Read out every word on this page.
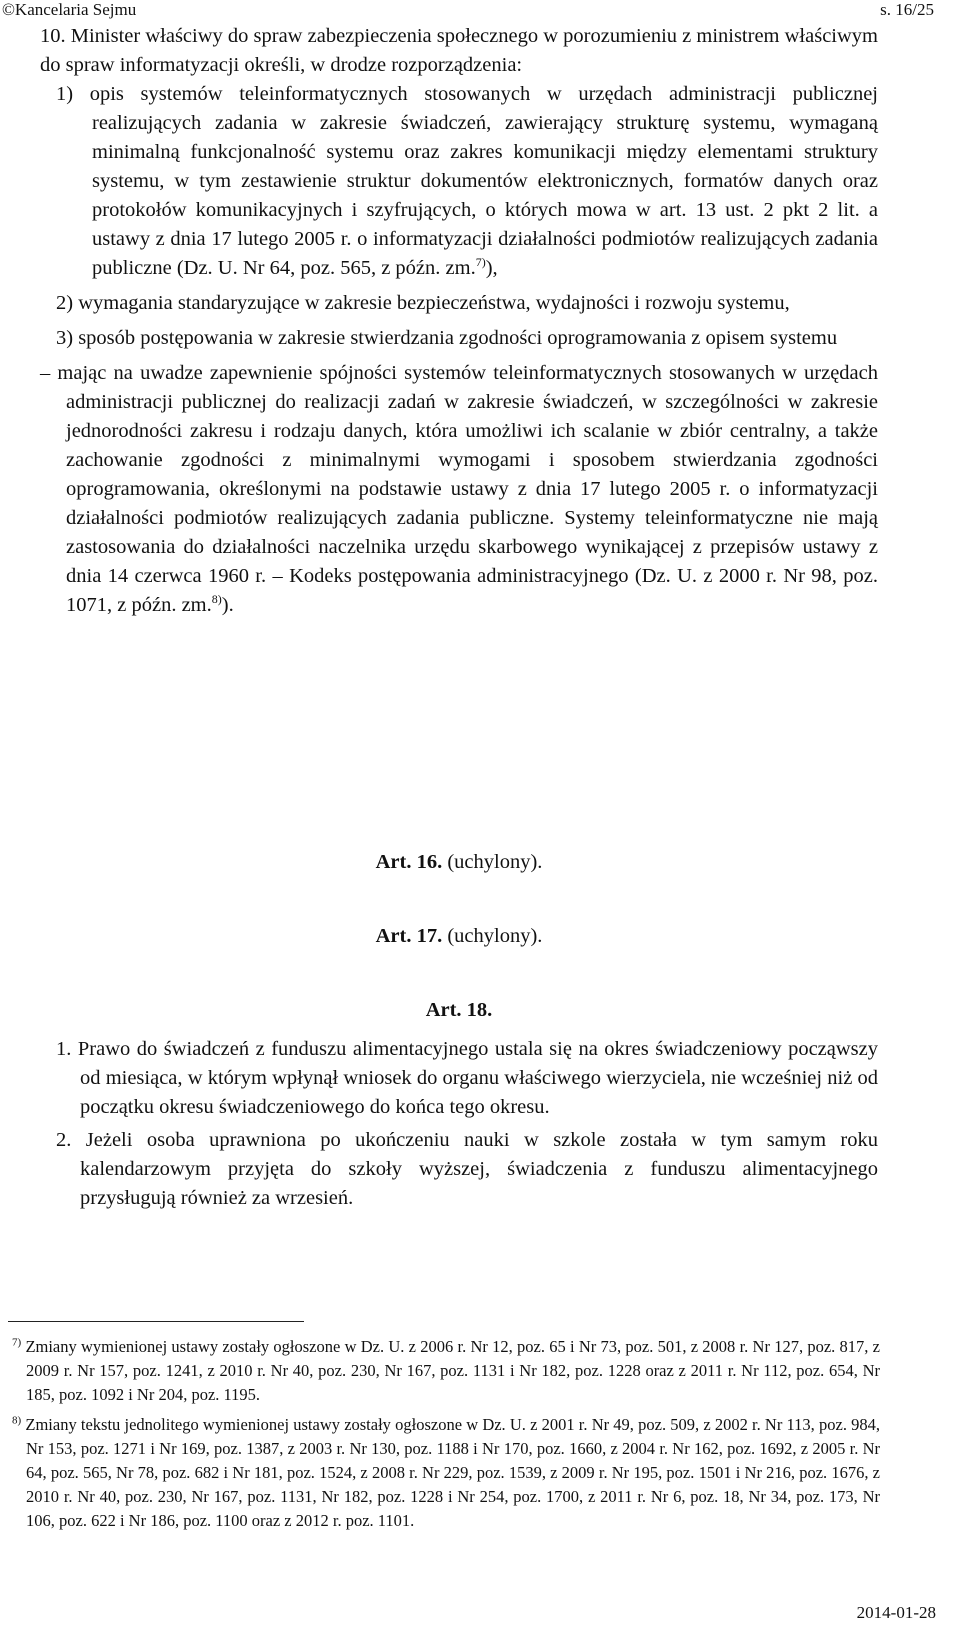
©Kancelaria Sejmu	s. 16/25

10. Minister właściwy do spraw zabezpieczenia społecznego w porozumieniu z ministrem właściwym do spraw informatyzacji określi, w drodze rozporządzenia:

1) opis systemów teleinformatycznych stosowanych w urzędach administracji publicznej realizujących zadania w zakresie świadczeń, zawierający strukturę systemu, wymaganą minimalną funkcjonalność systemu oraz zakres komunikacji między elementami struktury systemu, w tym zestawienie struktur dokumentów elektronicznych, formatów danych oraz protokołów komunikacyjnych i szyfrujących, o których mowa w art. 13 ust. 2 pkt 2 lit. a ustawy z dnia 17 lutego 2005 r. o informatyzacji działalności podmiotów realizujących zadania publiczne (Dz. U. Nr 64, poz. 565, z późn. zm.$^{7)}$),

2) wymagania standaryzujące w zakresie bezpieczeństwa, wydajności i rozwoju systemu,

3) sposób postępowania w zakresie stwierdzania zgodności oprogramowania z opisem systemu

– mając na uwadze zapewnienie spójności systemów teleinformatycznych stosowanych w urzędach administracji publicznej do realizacji zadań w zakresie świadczeń, w szczególności w zakresie jednorodności zakresu i rodzaju danych, która umożliwi ich scalanie w zbiór centralny, a także zachowanie zgodności z minimalnymi wymogami i sposobem stwierdzania zgodności oprogramowania, określonymi na podstawie ustawy z dnia 17 lutego 2005 r. o informatyzacji działalności podmiotów realizujących zadania publiczne. Systemy teleinformatyczne nie mają zastosowania do działalności naczelnika urzędu skarbowego wynikającej z przepisów ustawy z dnia 14 czerwca 1960 r. – Kodeks postępowania administracyjnego (Dz. U. z 2000 r. Nr 98, poz. 1071, z późn. zm.$^{8)}$).

Art. 16. (uchylony).
Art. 17. (uchylony).
Art. 18.

1. Prawo do świadczeń z funduszu alimentacyjnego ustala się na okres świadczeniowy począwszy od miesiąca, w którym wpłynął wniosek do organu właściwego wierzyciela, nie wcześniej niż od początku okresu świadczeniowego do końca tego okresu.

2. Jeżeli osoba uprawniona po ukończeniu nauki w szkole została w tym samym roku kalendarzowym przyjęta do szkoły wyższej, świadczenia z funduszu alimentacyjnego przysługują również za wrzesień.

$^{7)}$ Zmiany wymienionej ustawy zostały ogłoszone w Dz. U. z 2006 r. Nr 12, poz. 65 i Nr 73, poz. 501, z 2008 r. Nr 127, poz. 817, z 2009 r. Nr 157, poz. 1241, z 2010 r. Nr 40, poz. 230, Nr 167, poz. 1131 i Nr 182, poz. 1228 oraz z 2011 r. Nr 112, poz. 654, Nr 185, poz. 1092 i Nr 204, poz. 1195.

$^{8)}$ Zmiany tekstu jednolitego wymienionej ustawy zostały ogłoszone w Dz. U. z 2001 r. Nr 49, poz. 509, z 2002 r. Nr 113, poz. 984, Nr 153, poz. 1271 i Nr 169, poz. 1387, z 2003 r. Nr 130, poz. 1188 i Nr 170, poz. 1660, z 2004 r. Nr 162, poz. 1692, z 2005 r. Nr 64, poz. 565, Nr 78, poz. 682 i Nr 181, poz. 1524, z 2008 r. Nr 229, poz. 1539, z 2009 r. Nr 195, poz. 1501 i Nr 216, poz. 1676, z 2010 r. Nr 40, poz. 230, Nr 167, poz. 1131, Nr 182, poz. 1228 i Nr 254, poz. 1700, z 2011 r. Nr 6, poz. 18, Nr 34, poz. 173, Nr 106, poz. 622 i Nr 186, poz. 1100 oraz z 2012 r. poz. 1101.

2014-01-28
